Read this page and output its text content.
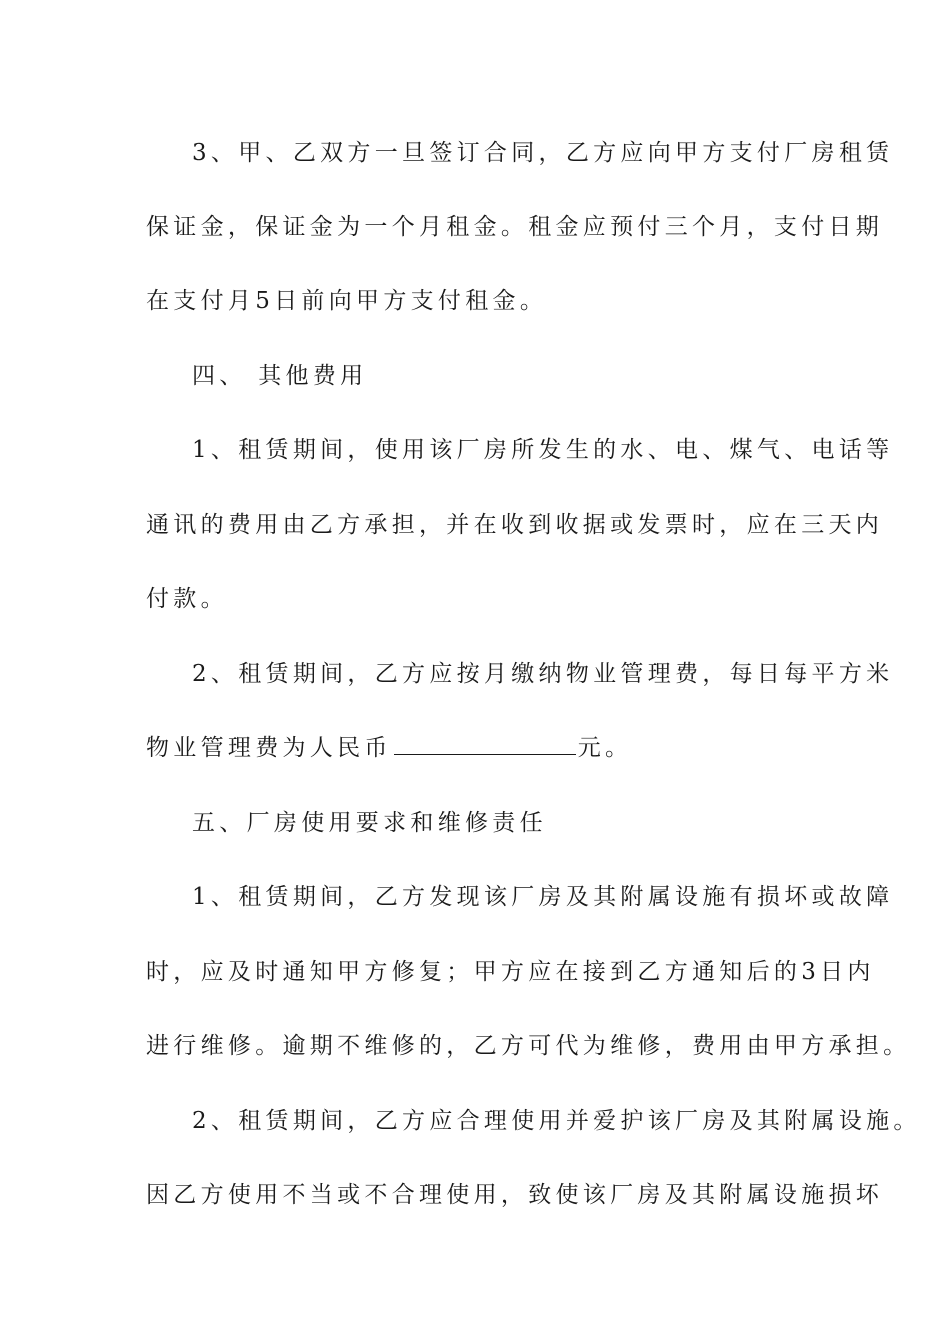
3、甲、乙双方一旦签订合同，乙方应向甲方支付厂房租赁
保证金，保证金为一个月租金。租金应预付三个月，支付日期
在支付月5日前向甲方支付租金。
四、 其他费用
1、租赁期间，使用该厂房所发生的水、电、煤气、电话等
通讯的费用由乙方承担，并在收到收据或发票时，应在三天内
付款。
2、租赁期间，乙方应按月缴纳物业管理费，每日每平方米
物业管理费为人民币	元。
五、厂房使用要求和维修责任
1、租赁期间，乙方发现该厂房及其附属设施有损坏或故障
时，应及时通知甲方修复；甲方应在接到乙方通知后的3日内
进行维修。逾期不维修的，乙方可代为维修，费用由甲方承担。
2、租赁期间，乙方应合理使用并爱护该厂房及其附属设施。
因乙方使用不当或不合理使用，致使该厂房及其附属设施损坏
